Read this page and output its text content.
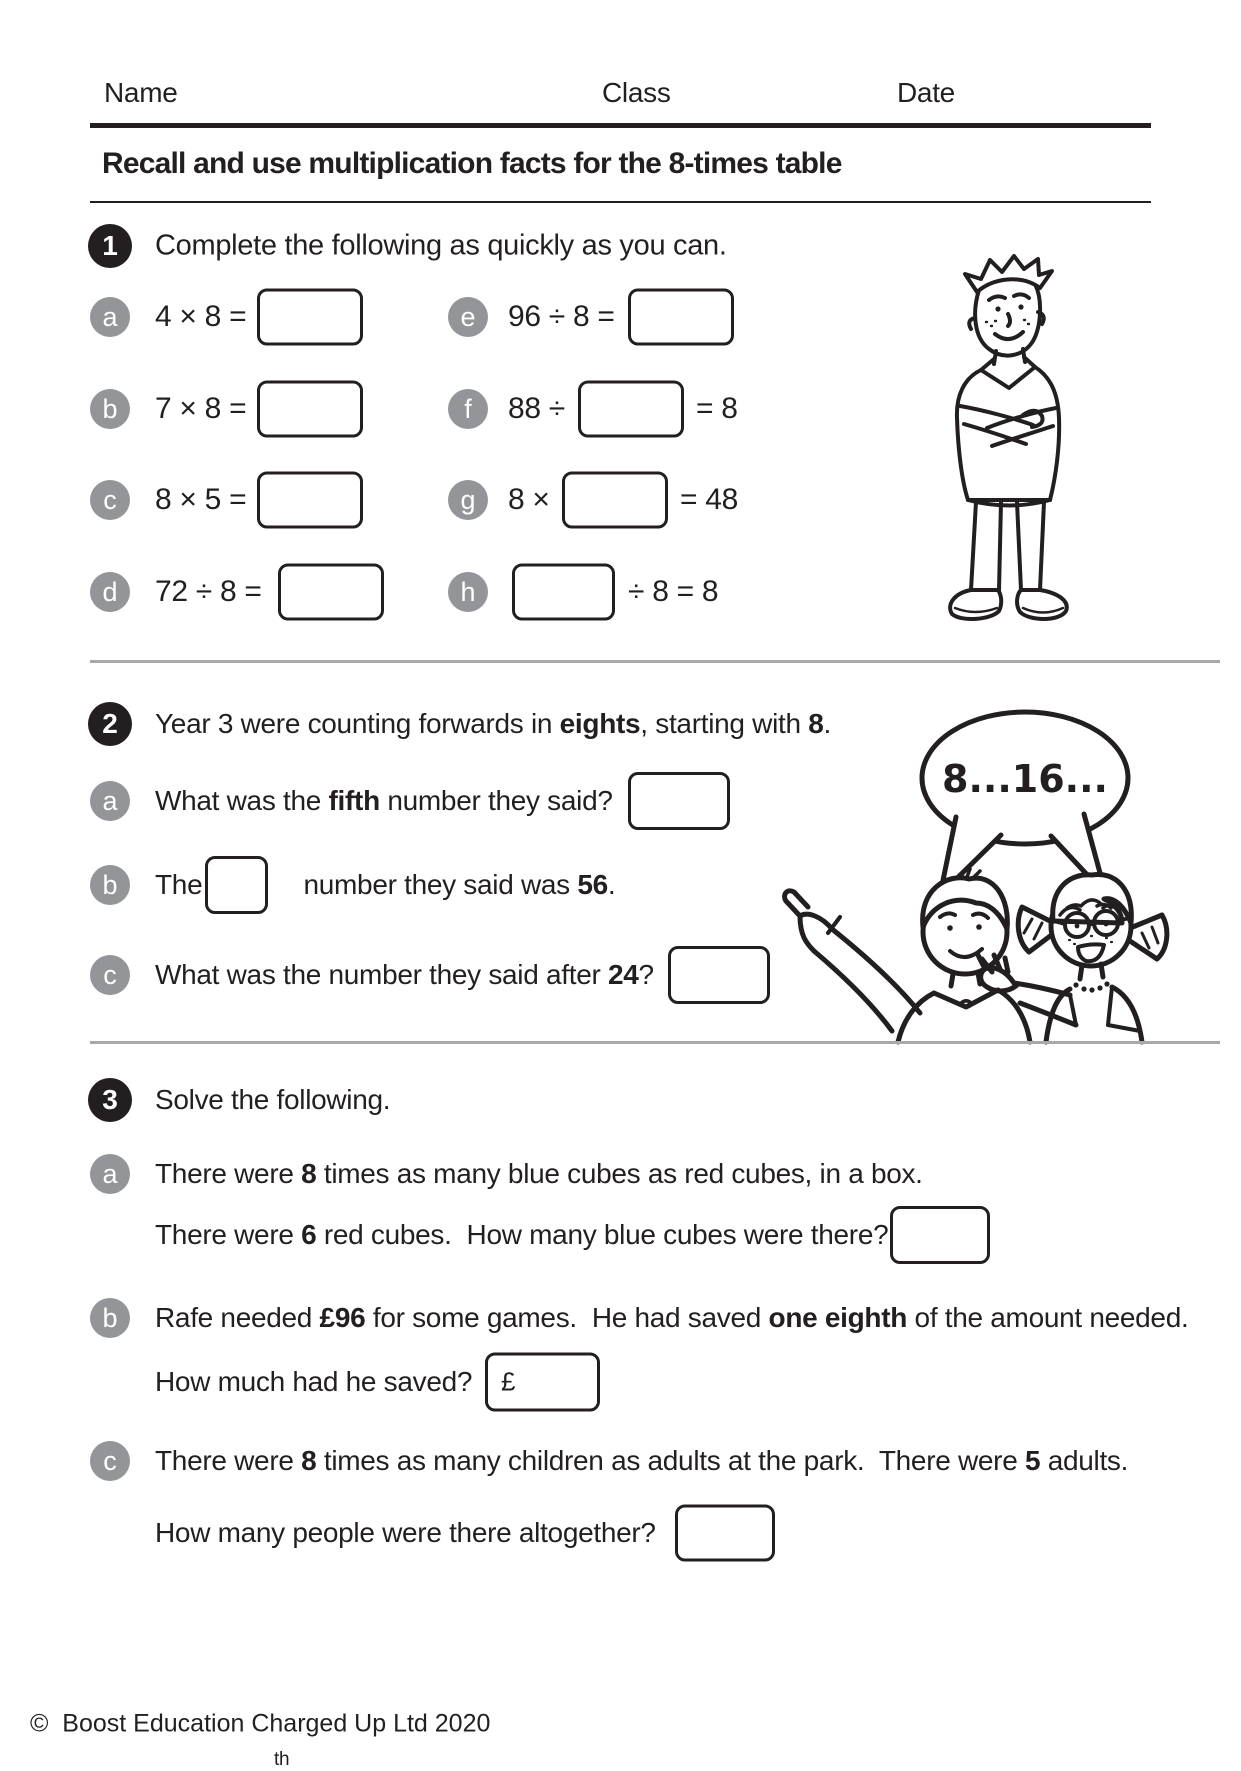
Name	Class	Date
Recall and use multiplication facts for the 8-times table
1	Complete the following as quickly as you can.
a	4 × 8 =	e	96 ÷ 8 =
b	7 × 8 =	f	88 ÷	= 8
c	8 × 5 =	g	8 ×	= 48
d	72 ÷ 8 =	h	÷ 8 = 8
2	Year 3 were counting forwards in eights, starting with 8.
a	What was the fifth number they said?
b	The
th
number they said was 56.
c	What was the number they said after 24?
8...16...
3	Solve the following.
a	There were 8 times as many blue cubes as red cubes, in a box.
There were 6 red cubes.  How many blue cubes were there?
b	Rafe needed £96 for some games.  He had saved one eighth of the amount needed.
How much had he saved?	£
c	There were 8 times as many children as adults at the park.  There were 5 adults.
How many people were there altogether?
©  Boost Education Charged Up Ltd 2020
